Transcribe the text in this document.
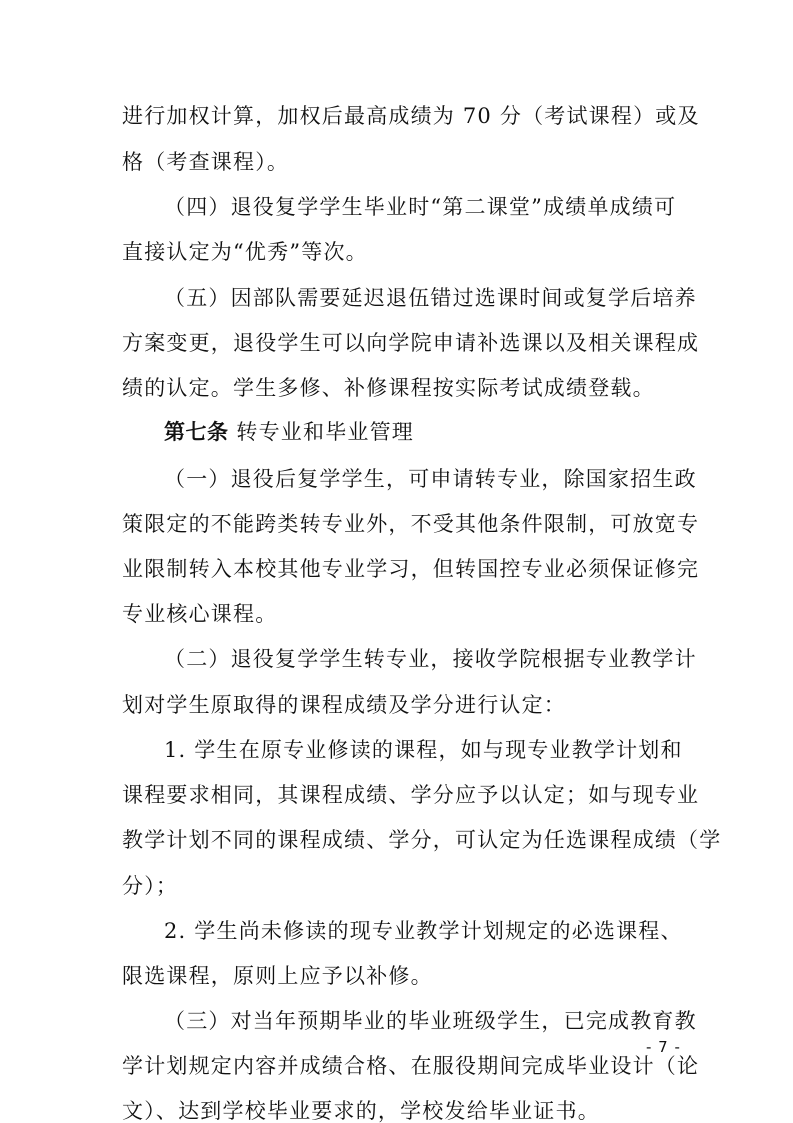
进行加权计算，加权后最高成绩为 70 分（考试课程）或及
格（考查课程）。
（四）退役复学学生毕业时“第二课堂”成绩单成绩可
直接认定为“优秀”等次。
（五）因部队需要延迟退伍错过选课时间或复学后培养
方案变更，退役学生可以向学院申请补选课以及相关课程成
绩的认定。学生多修、补修课程按实际考试成绩登载。
第七条 转专业和毕业管理
（一）退役后复学学生，可申请转专业，除国家招生政
策限定的不能跨类转专业外，不受其他条件限制，可放宽专
业限制转入本校其他专业学习，但转国控专业必须保证修完
专业核心课程。
（二）退役复学学生转专业，接收学院根据专业教学计
划对学生原取得的课程成绩及学分进行认定：
1. 学生在原专业修读的课程，如与现专业教学计划和
课程要求相同，其课程成绩、学分应予以认定；如与现专业
教学计划不同的课程成绩、学分，可认定为任选课程成绩（学
分）；
2. 学生尚未修读的现专业教学计划规定的必选课程、
限选课程，原则上应予以补修。
（三）对当年预期毕业的毕业班级学生，已完成教育教
学计划规定内容并成绩合格、在服役期间完成毕业设计（论
文）、达到学校毕业要求的，学校发给毕业证书。
- 7 -
